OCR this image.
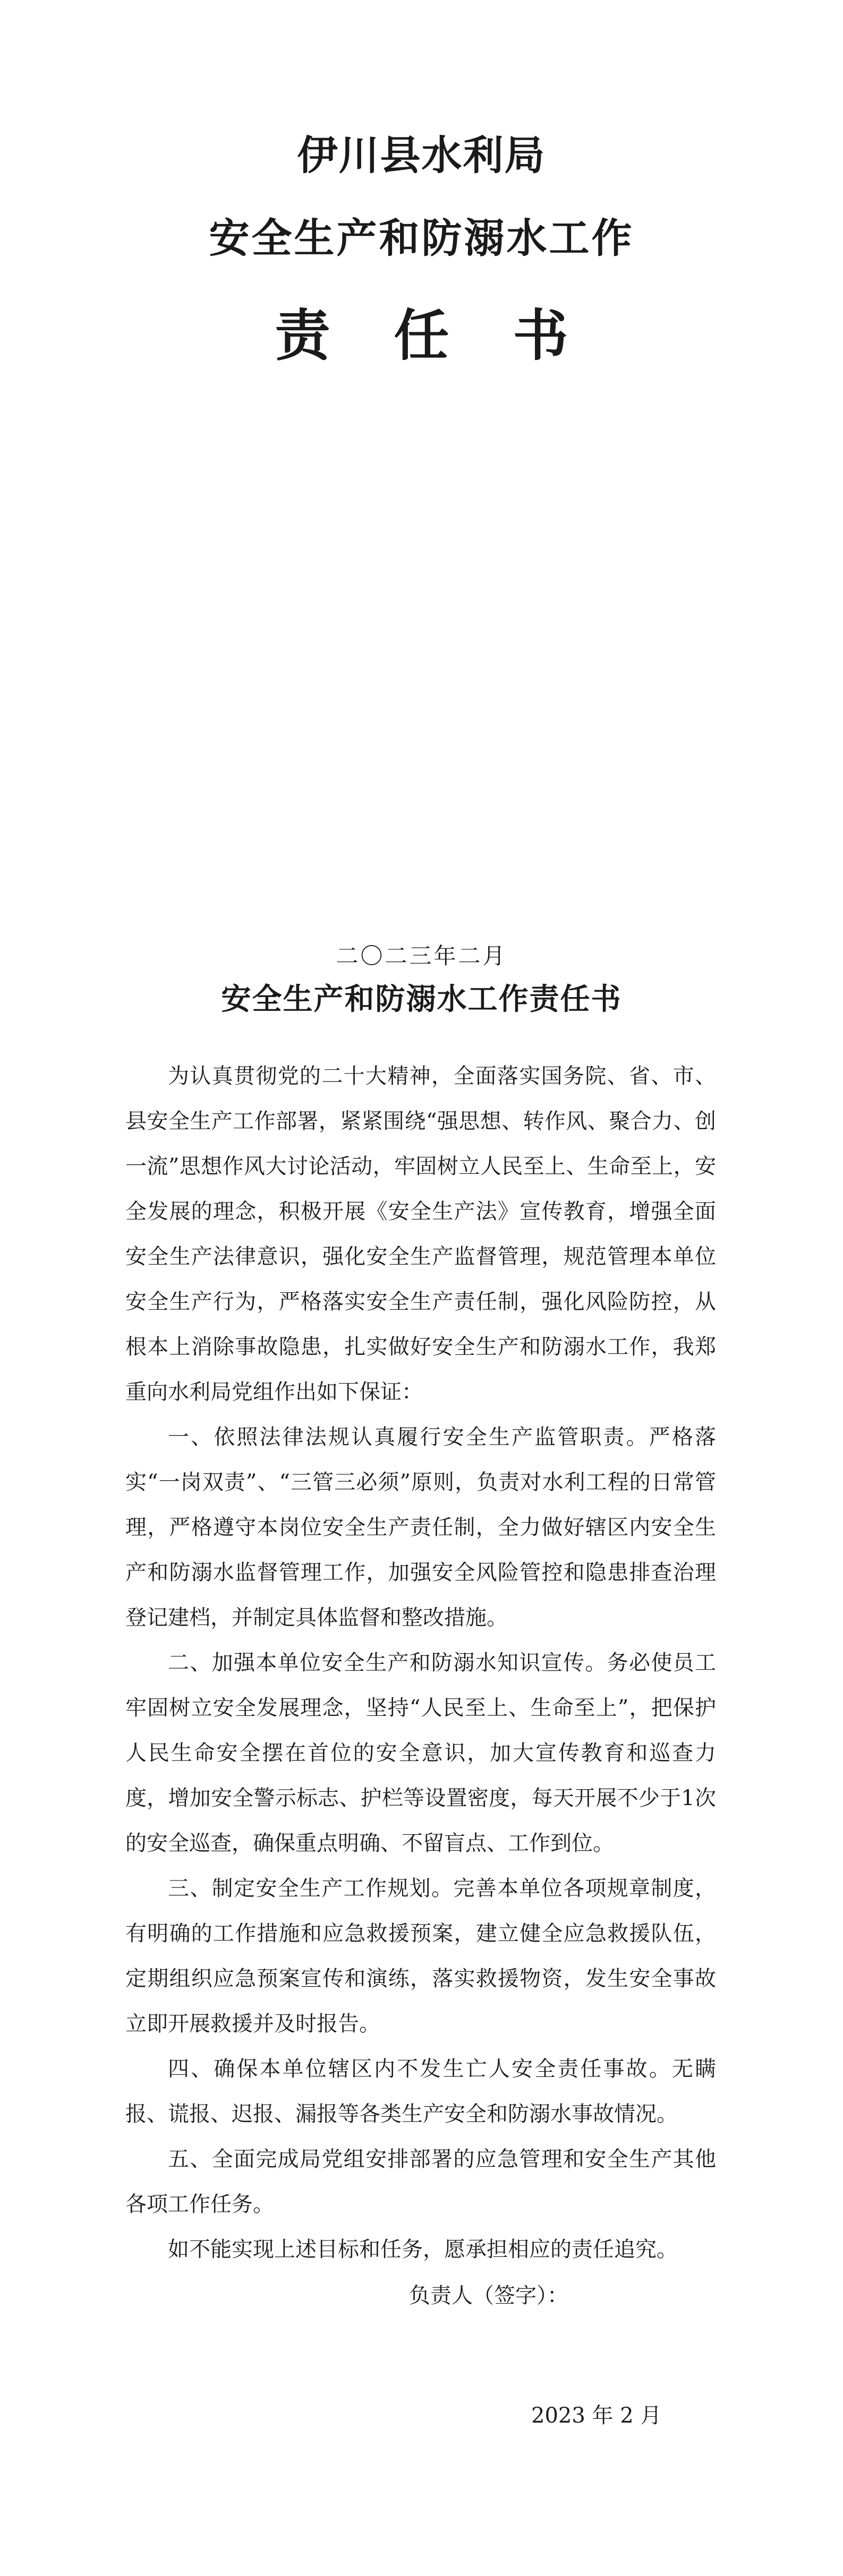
伊川县水利局
安全生产和防溺水工作
责任书
二〇二三年二月
安全生产和防溺水工作责任书

为认真贯彻党的二十大精神，全面落实国务院、省、市、县安全生产工作部署，紧紧围绕“强思想、转作风、聚合力、创一流”思想作风大讨论活动，牢固树立人民至上、生命至上，安全发展的理念，积极开展《安全生产法》宣传教育，增强全面安全生产法律意识，强化安全生产监督管理，规范管理本单位安全生产行为，严格落实安全生产责任制，强化风险防控，从根本上消除事故隐患，扎实做好安全生产和防溺水工作，我郑重向水利局党组作出如下保证：

一、依照法律法规认真履行安全生产监管职责。严格落实“一岗双责”、“三管三必须”原则，负责对水利工程的日常管理，严格遵守本岗位安全生产责任制，全力做好辖区内安全生产和防溺水监督管理工作，加强安全风险管控和隐患排查治理登记建档，并制定具体监督和整改措施。

二、加强本单位安全生产和防溺水知识宣传。务必使员工牢固树立安全发展理念，坚持“人民至上、生命至上”，把保护人民生命安全摆在首位的安全意识，加大宣传教育和巡查力度，增加安全警示标志、护栏等设置密度，每天开展不少于1次的安全巡查，确保重点明确、不留盲点、工作到位。

三、制定安全生产工作规划。完善本单位各项规章制度，有明确的工作措施和应急救援预案，建立健全应急救援队伍，定期组织应急预案宣传和演练，落实救援物资，发生安全事故立即开展救援并及时报告。

四、确保本单位辖区内不发生亡人安全责任事故。无瞒报、谎报、迟报、漏报等各类生产安全和防溺水事故情况。

五、全面完成局党组安排部署的应急管理和安全生产其他各项工作任务。

如不能实现上述目标和任务，愿承担相应的责任追究。

负责人（签字）：
2023 年 2 月
